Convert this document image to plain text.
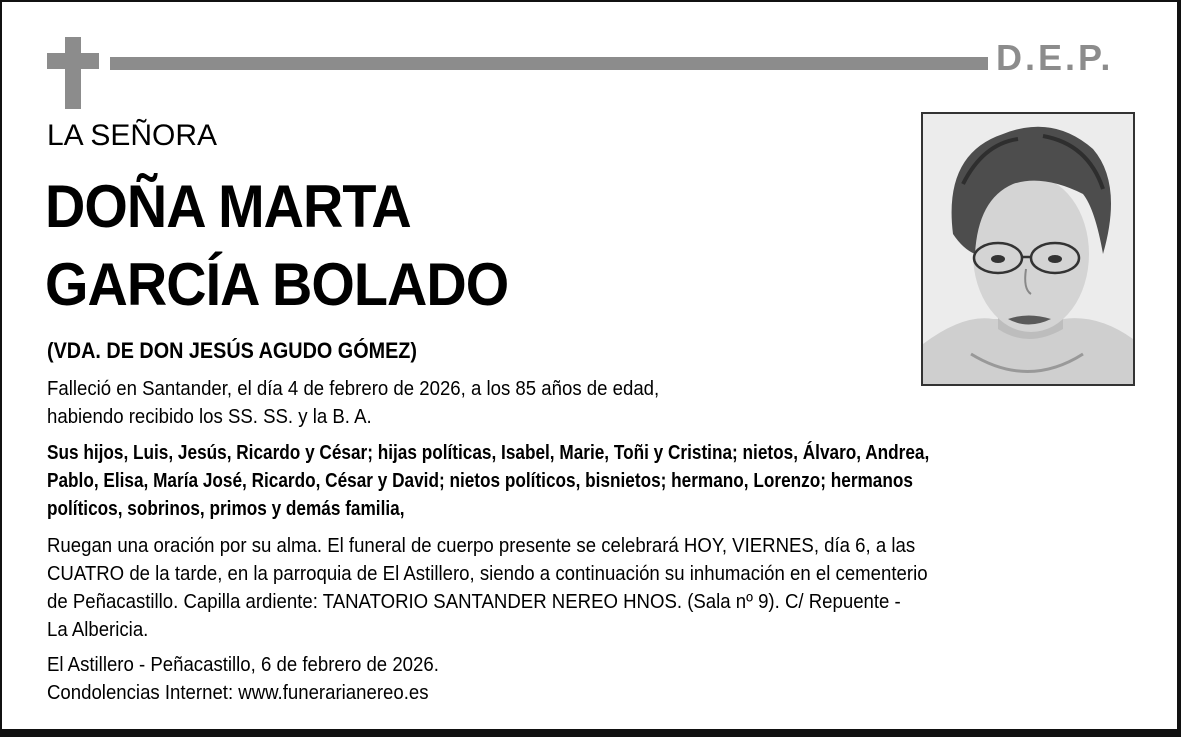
D.E.P.
LA SEÑORA
DOÑA MARTA
GARCÍA BOLADO
(VDA. DE DON JESÚS AGUDO GÓMEZ)
Falleció en Santander, el día 4 de febrero de 2026, a los 85 años de edad,
habiendo recibido los SS. SS. y la B. A.
Sus hijos, Luis, Jesús, Ricardo y César; hijas políticas, Isabel, Marie, Toñi y Cristina; nietos, Álvaro, Andrea,
Pablo, Elisa, María José, Ricardo, César y David; nietos políticos, bisnietos; hermano, Lorenzo; hermanos
políticos, sobrinos, primos y demás familia,
Ruegan una oración por su alma. El funeral de cuerpo presente se celebrará HOY, VIERNES, día 6, a las
CUATRO de la tarde, en la parroquia de El Astillero, siendo a continuación su inhumación en el cementerio
de Peñacastillo. Capilla ardiente: TANATORIO SANTANDER NEREO HNOS. (Sala nº 9). C/ Repuente -
La Albericia.
El Astillero - Peñacastillo, 6 de febrero de 2026.
Condolencias Internet: www.funerarianereo.es
